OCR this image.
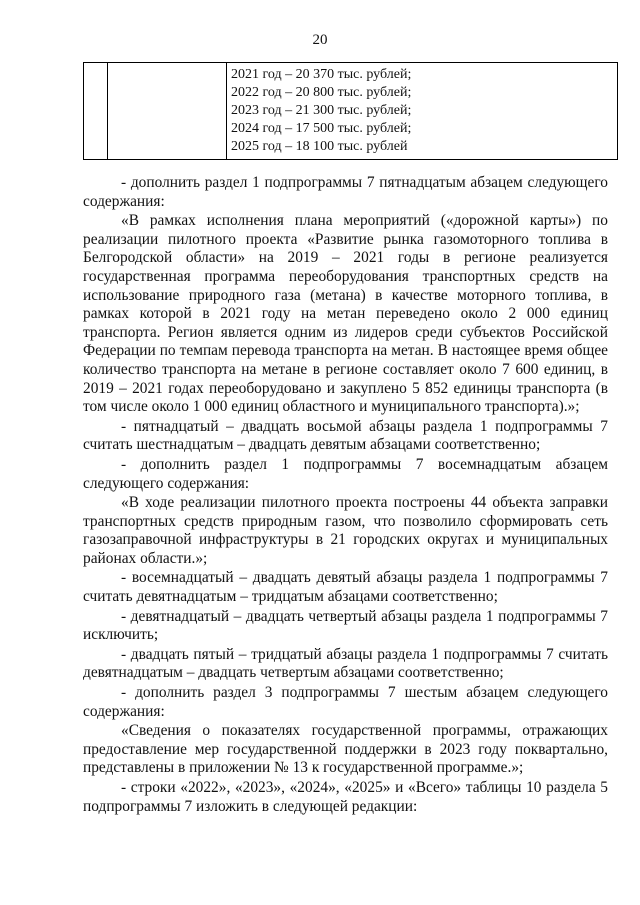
20

2021 год – 20 370 тыс. рублей;
2022 год – 20 800 тыс. рублей;
2023 год – 21 300 тыс. рублей;
2024 год – 17 500 тыс. рублей;
2025 год – 18 100 тыс. рублей

- дополнить раздел 1 подпрограммы 7 пятнадцатым абзацем следующего содержания:

«В рамках исполнения плана мероприятий («дорожной карты») по реализации пилотного проекта «Развитие рынка газомоторного топлива в Белгородской области» на 2019 – 2021 годы в регионе реализуется государственная программа переоборудования транспортных средств на использование природного газа (метана) в качестве моторного топлива, в рамках которой в 2021 году на метан переведено около 2 000 единиц транспорта. Регион является одним из лидеров среди субъектов Российской Федерации по темпам перевода транспорта на метан. В настоящее время общее количество транспорта на метане в регионе составляет около 7 600 единиц, в 2019 – 2021 годах переоборудовано и закуплено 5 852 единицы транспорта (в том числе около 1 000 единиц областного и муниципального транспорта).»;

- пятнадцатый – двадцать восьмой абзацы раздела 1 подпрограммы 7 считать шестнадцатым – двадцать девятым абзацами соответственно;

- дополнить раздел 1 подпрограммы 7 восемнадцатым абзацем следующего содержания:

«В ходе реализации пилотного проекта построены 44 объекта заправки транспортных средств природным газом, что позволило сформировать сеть газозаправочной инфраструктуры в 21 городских округах и муниципальных районах области.»;

- восемнадцатый – двадцать девятый абзацы раздела 1 подпрограммы 7 считать девятнадцатым – тридцатым абзацами соответственно;

- девятнадцатый – двадцать четвертый абзацы раздела 1 подпрограммы 7 исключить;

- двадцать пятый – тридцатый абзацы раздела 1 подпрограммы 7 считать девятнадцатым – двадцать четвертым абзацами соответственно;

- дополнить раздел 3 подпрограммы 7 шестым абзацем следующего содержания:

«Сведения о показателях государственной программы, отражающих предоставление мер государственной поддержки в 2023 году поквартально, представлены в приложении № 13 к государственной программе.»;

- строки «2022», «2023», «2024», «2025» и «Всего» таблицы 10 раздела 5 подпрограммы 7 изложить в следующей редакции:
